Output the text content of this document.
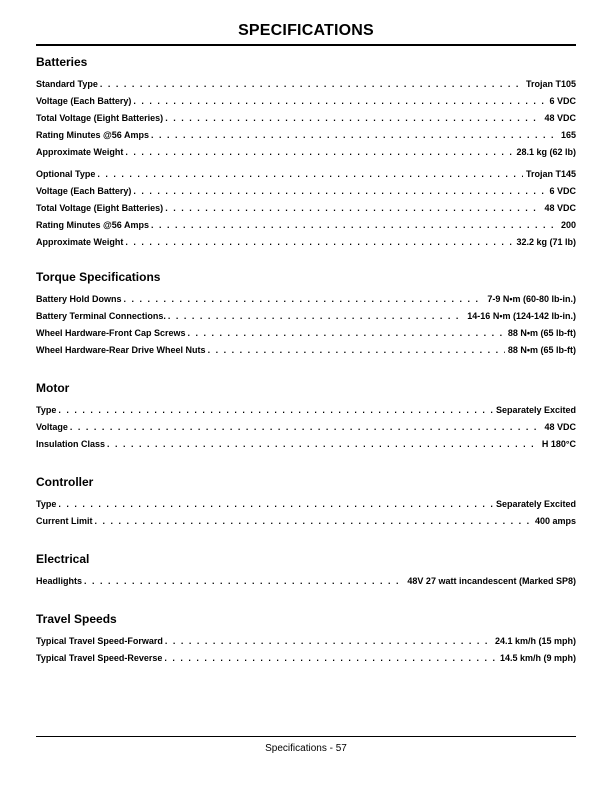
SPECIFICATIONS
Batteries
Standard Type . . .	Trojan T105
Voltage (Each Battery) . . .	6 VDC
Total Voltage (Eight Batteries) . . .	48 VDC
Rating Minutes @56 Amps . . .	165
Approximate Weight . . .	28.1 kg (62 lb)
Optional Type . . .	Trojan T145
Voltage (Each Battery) . . .	6 VDC
Total Voltage (Eight Batteries) . . .	48 VDC
Rating Minutes @56 Amps . . .	200
Approximate Weight . . .	32.2 kg (71 lb)
Torque Specifications
Battery Hold Downs . . .	7-9 N•m (60-80 lb-in.)
Battery Terminal Connections. . . .	14-16 N•m (124-142 lb-in.)
Wheel Hardware-Front Cap Screws . . .	88 N•m (65 lb-ft)
Wheel Hardware-Rear Drive Wheel Nuts . . .	88 N•m (65 lb-ft)
Motor
Type . . .	Separately Excited
Voltage . . .	48 VDC
Insulation Class . . .	H 180°C
Controller
Type . . .	Separately Excited
Current Limit . . .	400 amps
Electrical
Headlights . . .	48V 27 watt incandescent (Marked SP8)
Travel Speeds
Typical Travel Speed-Forward . . .	24.1 km/h (15 mph)
Typical Travel Speed-Reverse . . .	14.5 km/h (9 mph)
Specifications - 57
